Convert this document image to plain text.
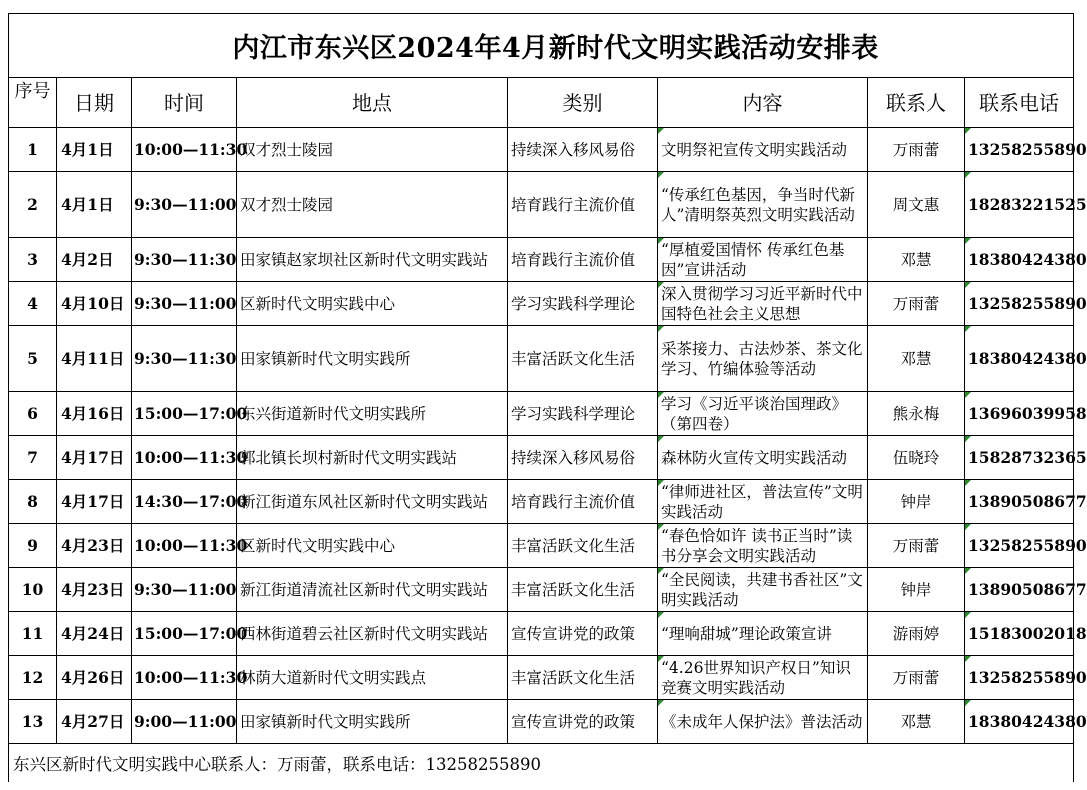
内江市东兴区2024年4月新时代文明实践活动安排表							
序号	日期	时间	地点	类别	内容	联系人	联系电话
1	4月1日	10:00—11:30	双才烈士陵园	持续深入移风易俗	文明祭祀宣传文明实践活动	万雨蕾	13258255890

2	4月1日	9:30—11:00	双才烈士陵园	培育践行主流价值	“传承红色基因，争当时代新人”清明祭英烈文明实践活动	周文惠	18283221525

3	4月2日	9:30—11:30	田家镇赵家坝社区新时代文明实践站	培育践行主流价值	“厚植爱国情怀 传承红色基因”宣讲活动	邓慧	18380424380

4	4月10日	9:30—11:00	区新时代文明实践中心	学习实践科学理论	深入贯彻学习习近平新时代中国特色社会主义思想	万雨蕾	13258255890

5	4月11日	9:30—11:30	田家镇新时代文明实践所	丰富活跃文化生活	采茶接力、古法炒茶、茶文化学习、竹编体验等活动	邓慧	18380424380

6	4月16日	15:00—17:00	东兴街道新时代文明实践所	学习实践科学理论	学习《习近平谈治国理政》（第四卷）	熊永梅	13696039958

7	4月17日	10:00—11:30	郭北镇长坝村新时代文明实践站	持续深入移风易俗	森林防火宣传文明实践活动	伍晓玲	15828732365

8	4月17日	14:30—17:00	新江街道东风社区新时代文明实践站	培育践行主流价值	“律师进社区，普法宣传”文明实践活动	钟岸	13890508677

9	4月23日	10:00—11:30	区新时代文明实践中心	丰富活跃文化生活	“春色恰如许 读书正当时”读书分享会文明实践活动	万雨蕾	13258255890

10	4月23日	9:30—11:00	新江街道清流社区新时代文明实践站	丰富活跃文化生活	“全民阅读，共建书香社区”文明实践活动	钟岸	13890508677

11	4月24日	15:00—17:00	西林街道碧云社区新时代文明实践站	宣传宣讲党的政策	“理响甜城”理论政策宣讲	游雨婷	15183002018

12	4月26日	10:00—11:30	林荫大道新时代文明实践点	丰富活跃文化生活	“4.26世界知识产权日”知识竞赛文明实践活动	万雨蕾	13258255890

13	4月27日	9:00—11:00	田家镇新时代文明实践所	宣传宣讲党的政策	《未成年人保护法》普法活动	邓慧	18380424380

东兴区新时代文明实践中心联系人：万雨蕾，联系电话：13258255890							
